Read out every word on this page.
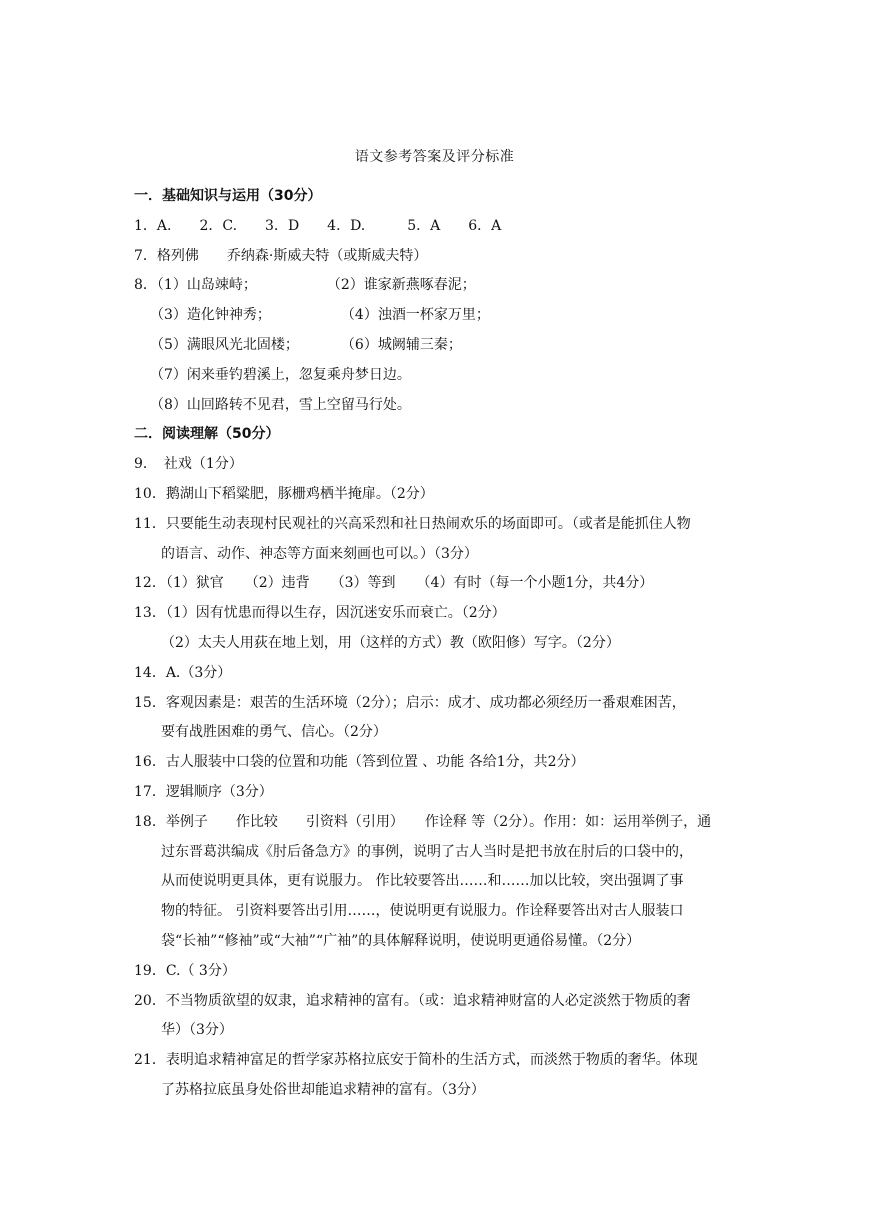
语文参考答案及评分标准
一．基础知识与运用（30分）
1．A.　　2．C.　　3．D　　4．D.　　　5．A　　6．A
7．格列佛　　乔纳森·斯威夫特（或斯威夫特）
8．（1）山岛竦峙；　　　　　　（2）谁家新燕啄春泥；
（3）造化钟神秀；　　　　　　（4）浊酒一杯家万里；
（5）满眼风光北固楼；　　　　（6）城阙辅三秦；
（7）闲来垂钓碧溪上，忽复乘舟梦日边。
（8）山回路转不见君，雪上空留马行处。
二．阅读理解（50分）
9．　社戏（1分）
10．鹅湖山下稻粱肥，豚栅鸡栖半掩扉。（2分）
11．只要能生动表现村民观社的兴高采烈和社日热闹欢乐的场面即可。（或者是能抓住人物
的语言、动作、神态等方面来刻画也可以。）（3分）
12．（1）狱官　　（2）违背　　（3）等到　　（4）有时（每一个小题1分，共4分）
13．（1）因有忧患而得以生存，因沉迷安乐而衰亡。（2分）
（2）太夫人用荻在地上划，用（这样的方式）教（欧阳修）写字。（2分）
14．A.（3分）
15．客观因素是：艰苦的生活环境（2分）；启示：成才、成功都必须经历一番艰难困苦，
要有战胜困难的勇气、信心。（2分）
16．古人服装中口袋的位置和功能（答到位置 、功能 各给1分，共2分）
17．逻辑顺序（3分）
18．举例子　　作比较　　引资料（引用）　　作诠释 等（2分）。作用：如：运用举例子，通
过东晋葛洪编成《肘后备急方》的事例，说明了古人当时是把书放在肘后的口袋中的，
从而使说明更具体，更有说服力。 作比较要答出……和……加以比较，突出强调了事
物的特征。 引资料要答出引用……，使说明更有说服力。作诠释要答出对古人服装口
袋“长袖”“修袖”或“大袖”“广袖”的具体解释说明，使说明更通俗易懂。（2分）
19．C.（ 3分）
20．不当物质欲望的奴隶，追求精神的富有。（或：追求精神财富的人必定淡然于物质的奢
华）（3分）
21．表明追求精神富足的哲学家苏格拉底安于简朴的生活方式，而淡然于物质的奢华。体现
了苏格拉底虽身处俗世却能追求精神的富有。（3分）
